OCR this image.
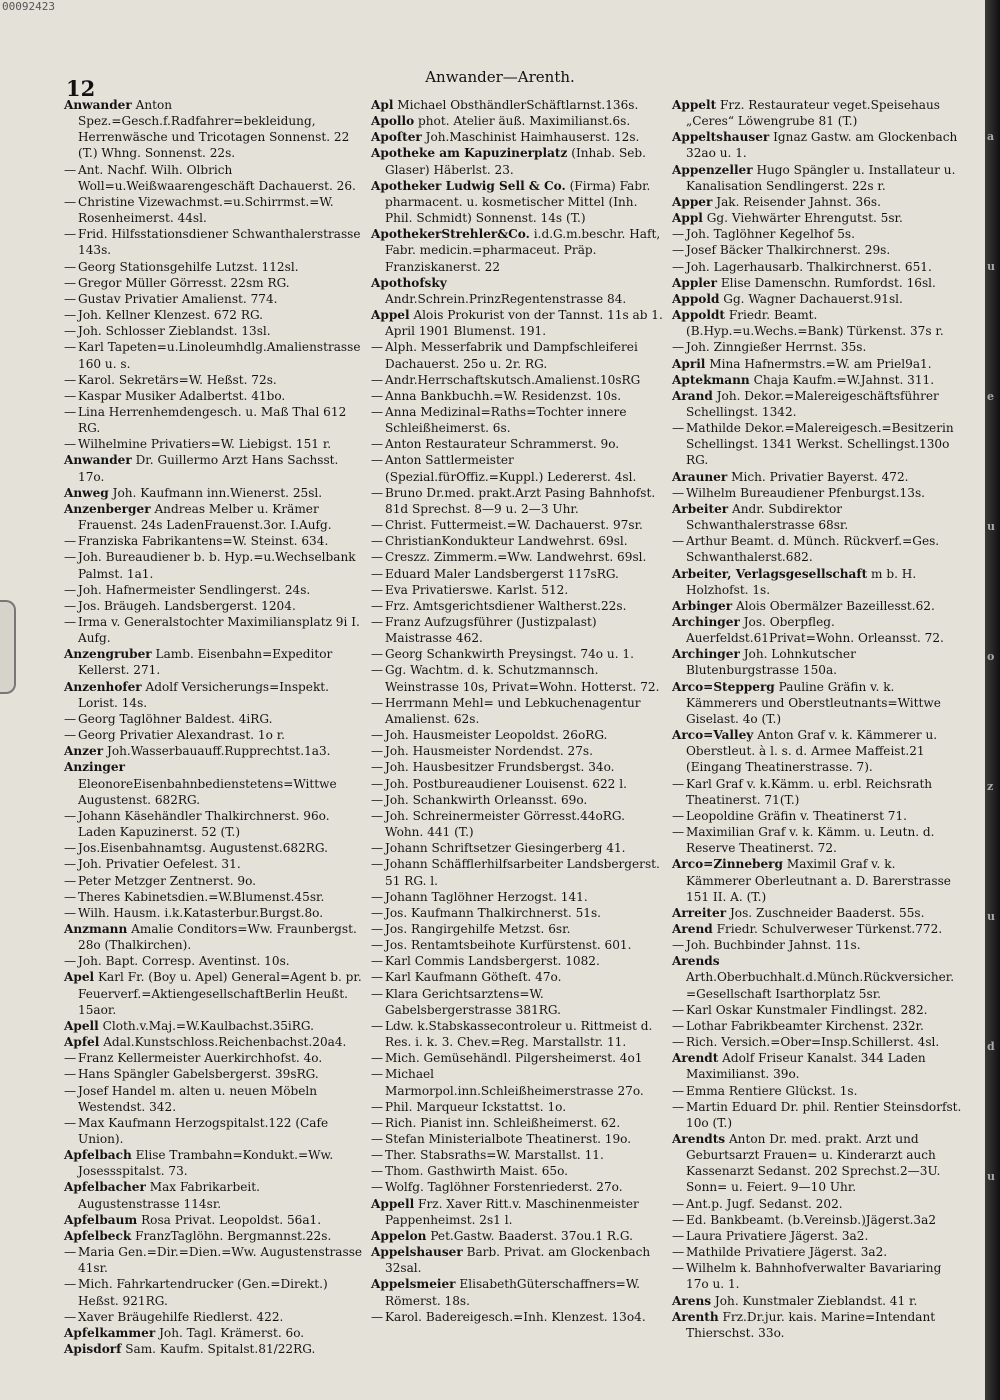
00092423
12	Anwander—Arenth.

Anwander Anton Spez.=Gesch.f.Radfahrer=bekleidung, Herrenwäsche und Tricotagen Sonnenst. 22 (T.) Whng. Sonnenst. 22s.

— Ant. Nachf. Wilh. Olbrich Woll=u.Weißwaarengeschäft Dachauerst. 26.

— Christine Vizewachmst.=u.Schirrmst.=W. Rosenheimerst. 44sl.

— Frid. Hilfsstationsdiener Schwanthalerstrasse 143s.

— Georg Stationsgehilfe Lutzst. 112sl.

— Gregor Müller Görresst. 22sm RG.

— Gustav Privatier Amalienst. 774.

— Joh. Kellner Klenzest. 672 RG.

— Joh. Schlosser Zieblandst. 13sl.

— Karl Tapeten=u.Linoleumhdlg.Amalienstrasse 160 u. s.

— Karol. Sekretärs=W. Heßst. 72s.

— Kaspar Musiker Adalbertst. 41bo.

— Lina Herrenhemdengesch. u. Maß Thal 612 RG.

— Wilhelmine Privatiers=W. Liebigst. 151 r.

Anwander Dr. Guillermo Arzt Hans Sachsst. 17o.

Anweg Joh. Kaufmann inn.Wienerst. 25sl.

Anzenberger Andreas Melber u. Krämer Frauenst. 24s LadenFrauenst.3or. I.Aufg.

— Franziska Fabrikantens=W. Steinst. 634.

— Joh. Bureaudiener b. b. Hyp.=u.Wechselbank Palmst. 1a1.

— Joh. Hafnermeister Sendlingerst. 24s.

— Jos. Bräugeh. Landsbergerst. 1204.

— Irma v. Generalstochter Maximiliansplatz 9i I. Aufg.

Anzengruber Lamb. Eisenbahn=Expeditor Kellerst. 271.

Anzenhofer Adolf Versicherungs=Inspekt. Lorist. 14s.

— Georg Taglöhner Baldest. 4iRG.

— Georg Privatier Alexandrast. 1o r.

Anzer Joh.Wasserbauauff.Rupprechtst.1a3.

Anzinger EleonoreEisenbahnbedienstetens=Wittwe Augustenst. 682RG.

— Johann Käsehändler Thalkirchnerst. 96o. Laden Kapuzinerst. 52 (T.)

— Jos.Eisenbahnamtsg. Augustenst.682RG.

— Joh. Privatier Oefelest. 31.

— Peter Metzger Zentnerst. 9o.

— Theres Kabinetsdien.=W.Blumenst.45sr.

— Wilh. Hausm. i.k.Katasterbur.Burgst.8o.

Anzmann Amalie Conditors=Ww. Fraunbergst. 28o (Thalkirchen).

— Joh. Bapt. Corresp. Aventinst. 10s.

Apel Karl Fr. (Boy u. Apel) General=Agent b. pr. Feuerverf.=AktiengesellschaftBerlin Heußt. 15aor.

Apell Cloth.v.Maj.=W.Kaulbachst.35iRG.

Apfel Adal.Kunstschloss.Reichenbachst.20a4.

— Franz Kellermeister Auerkirchhofst. 4o.

— Hans Spängler Gabelsbergerst. 39sRG.

— Josef Handel m. alten u. neuen Möbeln Westendst. 342.

— Max Kaufmann Herzogspitalst.122 (Cafe Union).

Apfelbach Elise Trambahn=Kondukt.=Ww. Josessspitalst. 73.

Apfelbacher Max Fabrikarbeit. Augustenstrasse 114sr.

Apfelbaum Rosa Privat. Leopoldst. 56a1.

Apfelbeck FranzTaglöhn. Bergmannst.22s.

— Maria Gen.=Dir.=Dien.=Ww. Augustenstrasse 41sr.

— Mich. Fahrkartendrucker (Gen.=Direkt.) Heßst. 921RG.

— Xaver Bräugehilfe Riedlerst. 422.

Apfelkammer Joh. Tagl. Krämerst. 6o.

Apisdorf Sam. Kaufm. Spitalst.81/22RG.

Apl Michael ObsthändlerSchäftlarnst.136s.

Apollo phot. Atelier äuß. Maximilianst.6s.

Apoſter Joh.Maschinist Haimhauserst. 12s.

Apotheke am Kapuzinerplatz (Inhab. Seb. Glaser) Häberlst. 23.

Apotheker Ludwig Sell & Co. (Firma) Fabr. pharmacent. u. kosmetischer Mittel (Inh. Phil. Schmidt) Sonnenst. 14s (T.)

ApothekerStrehler&Co. i.d.G.m.beschr. Haft, Fabr. medicin.=pharmaceut. Präp. Franziskanerst. 22

Apothofsky Andr.Schrein.PrinzRegentenstrasse 84.

Appel Alois Prokurist von der Tannst. 11s ab 1. April 1901 Blumenst. 191.

— Alph. Messerfabrik und Dampfschleiferei Dachauerst. 25o u. 2r. RG.

— Andr.Herrschaftskutsch.Amalienst.10sRG

— Anna Bankbuchh.=W. Residenzst. 10s.

— Anna Medizinal=Raths=Tochter innere Schleißheimerst. 6s.

— Anton Restaurateur Schrammerst. 9o.

— Anton Sattlermeister (Spezial.fürOffiz.=Kuppl.) Ledererst. 4sl.

— Bruno Dr.med. prakt.Arzt Pasing Bahnhofst. 81d Sprechst. 8—9 u. 2—3 Uhr.

— Christ. Futtermeist.=W. Dachauerst. 97sr.

— ChristianKondukteur Landwehrst. 69sl.

— Creszz. Zimmerm.=Ww. Landwehrst. 69sl.

— Eduard Maler Landsbergerst 117sRG.

— Eva Privatierswe. Karlst. 512.

— Frz. Amtsgerichtsdiener Waltherst.22s.

— Franz Aufzugsführer (Justizpalast) Maistrasse 462.

— Georg Schankwirth Preysingst. 74o u. 1.

— Gg. Wachtm. d. k. Schutzmannsch. Weinstrasse 10s, Privat=Wohn. Hotterst. 72.

— Herrmann Mehl= und Lebkuchenagentur Amalienst. 62s.

— Joh. Hausmeister Leopoldst. 26oRG.

— Joh. Hausmeister Nordendst. 27s.

— Joh. Hausbesitzer Frundsbergst. 34o.

— Joh. Postbureaudiener Louisenst. 622 l.

— Joh. Schankwirth Orleansst. 69o.

— Joh. Schreinermeister Görresst.44oRG. Wohn. 441 (T.)

— Johann Schriftsetzer Giesingerberg 41.

— Johann Schäfflerhilfsarbeiter Landsbergerst. 51 RG. l.

— Johann Taglöhner Herzogst. 141.

— Jos. Kaufmann Thalkirchnerst. 51s.

— Jos. Rangirgehilfe Metzst. 6sr.

— Jos. Rentamtsbeihote Kurfürstenst. 601.

— Karl Commis Landsbergerst. 1082.

— Karl Kaufmann Götheſt. 47o.

— Klara Gerichtsarztens=W. Gabelsbergerstrasse 381RG.

— Ldw. k.Stabskassecontroleur u. Rittmeist d. Res. i. k. 3. Chev.=Reg. Marstallstr. 11.

— Mich. Gemüsehändl. Pilgersheimerst. 4o1

— Michael Marmorpol.inn.Schleißheimerstrasse 27o.

— Phil. Marqueur Ickstattst. 1o.

— Rich. Pianist inn. Schleißheimerst. 62.

— Stefan Ministerialbote Theatinerst. 19o.

— Ther. Stabsraths=W. Marstallst. 11.

— Thom. Gasthwirth Maist. 65o.

— Wolfg. Taglöhner Forstenriederst. 27o.

Appell Frz. Xaver Ritt.v. Maschinenmeister Pappenheimst. 2s1 l.

Appelon Pet.Gastw. Baaderst. 37ou.1 R.G.

Appelshauser Barb. Privat. am Glockenbach 32sal.

Appelsmeier ElisabethGüterschaffners=W. Römerst. 18s.

— Karol. Badereigesch.=Inh. Klenzest. 13o4.

Appelt Frz. Restaurateur veget.Speisehaus „Ceres“ Löwengrube 81 (T.)

Appeltshauser Ignaz Gastw. am Glockenbach 32ao u. 1.

Appenzeller Hugo Spängler u. Installateur u. Kanalisation Sendlingerst. 22s r.

Apper Jak. Reisender Jahnst. 36s.

Appl Gg. Viehwärter Ehrengutst. 5sr.

— Joh. Taglöhner Kegelhof 5s.

— Josef Bäcker Thalkirchnerst. 29s.

— Joh. Lagerhausarb. Thalkirchnerst. 651.

Appler Elise Damenschn. Rumfordst. 16sl.

Appold Gg. Wagner Dachauerst.91sl.

Appoldt Friedr. Beamt.(B.Hyp.=u.Wechs.=Bank) Türkenst. 37s r.

— Joh. Zinngießer Herrnst. 35s.

April Mina Hafnermstrs.=W. am Priel9a1.

Aptekmann Chaja Kaufm.=W.Jahnst. 311.

Arand Joh. Dekor.=Malereigeschäftsführer Schellingst. 1342.

— Mathilde Dekor.=Malereigesch.=Besitzerin Schellingst. 1341 Werkst. Schellingst.130o RG.

Arauner Mich. Privatier Bayerst. 472.

— Wilhelm Bureaudiener Pfenburgst.13s.

Arbeiter Andr. Subdirektor Schwanthalerstrasse 68sr.

— Arthur Beamt. d. Münch. Rückverf.=Ges. Schwanthalerst.682.

Arbeiter, Verlagsgesellschaft m b. H. Holzhofst. 1s.

Arbinger Alois Obermälzer Bazeillesst.62.

Archinger Jos. Oberpfleg. Auerfeldst.61Privat=Wohn. Orleansst. 72.

Archinger Joh. Lohnkutscher Blutenburgstrasse 150a.

Arco=Stepperg Pauline Gräfin v. k. Kämmerers und Oberstleutnants=Wittwe Giselast. 4o (T.)

Arco=Valley Anton Graf v. k. Kämmerer u. Oberstleut. à l. s. d. Armee Maffeist.21 (Eingang Theatinerstrasse. 7).

— Karl Graf v. k.Kämm. u. erbl. Reichsrath Theatinerst. 71(T.)

— Leopoldine Gräfin v. Theatinerst 71.

— Maximilian Graf v. k. Kämm. u. Leutn. d. Reserve Theatinerst. 72.

Arco=Zinneberg Maximil Graf v. k. Kämmerer Oberleutnant a. D. Barerstrasse 151 II. A. (T.)

Arreiter Jos. Zuschneider Baaderst. 55s.

Arend Friedr. Schulverweser Türkenst.772.

— Joh. Buchbinder Jahnst. 11s.

Arends Arth.Oberbuchhalt.d.Münch.Rückversicher.=Gesellschaft Isarthorplatz 5sr.

— Karl Oskar Kunstmaler Findlingst. 282.

— Lothar Fabrikbeamter Kirchenst. 232r.

— Rich. Versich.=Ober=Insp.Schillerst. 4sl.

Arendt Adolf Friseur Kanalst. 344 Laden Maximilianst. 39o.

— Emma Rentiere Glückst. 1s.

— Martin Eduard Dr. phil. Rentier Steinsdorfst. 10o (T.)

Arendts Anton Dr. med. prakt. Arzt und Geburtsarzt Frauen= u. Kinderarzt auch Kassenarzt Sedanst. 202 Sprechst.2—3U. Sonn= u. Feiert. 9—10 Uhr.

— Ant.p. Jugf. Sedanst. 202.

— Ed. Bankbeamt. (b.Vereinsb.)Jägerst.3a2

— Laura Privatiere Jägerst. 3a2.

— Mathilde Privatiere Jägerst. 3a2.

— Wilhelm k. Bahnhofverwalter Bavariaring 17o u. 1.

Arens Joh. Kunstmaler Zieblandst. 41 r.

Arenth Frz.Dr.jur. kais. Marine=Intendant Thierschst. 33o.

a
u
e
u
o
z
u
d
u
